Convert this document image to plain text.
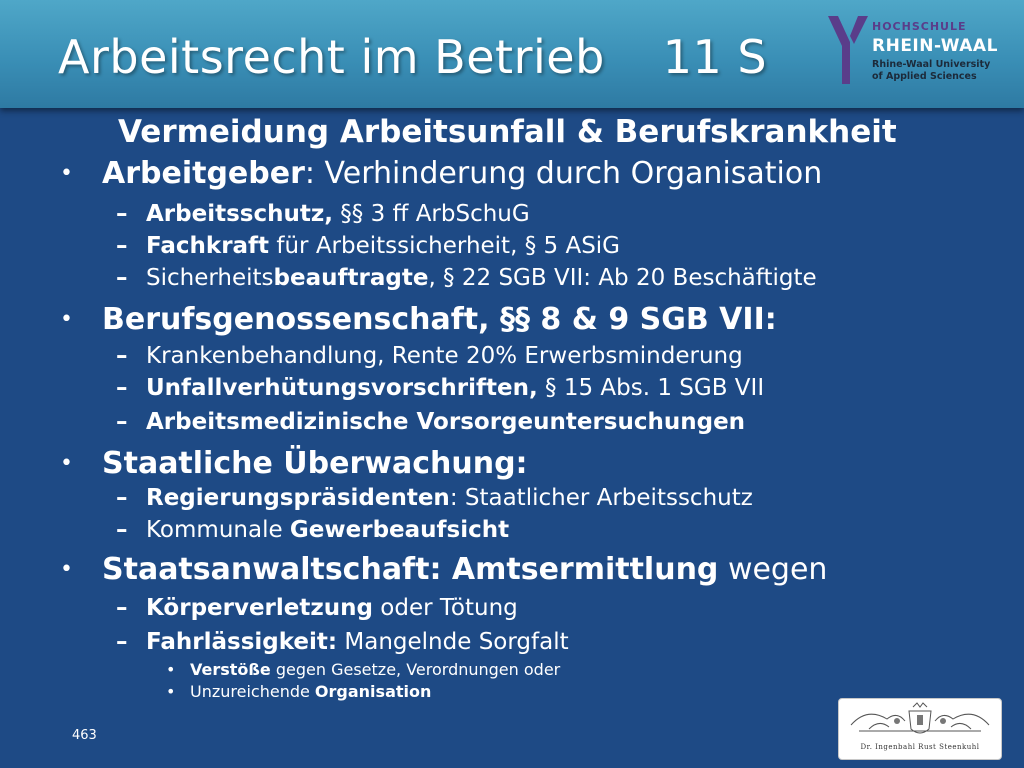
Arbeitsrecht im Betrieb 11 S
HOCHSCHULE
RHEIN-WAAL
Rhine-Waal University
of Applied Sciences
Vermeidung Arbeitsunfall & Berufskrankheit
• Arbeitgeber: Verhinderung durch Organisation
– Arbeitsschutz, §§ 3 ff ArbSchuG
– Fachkraft für Arbeitssicherheit, § 5 ASiG
– Sicherheitsbeauftragte, § 22 SGB VII: Ab 20 Beschäftigte
• Berufsgenossenschaft, §§ 8 & 9 SGB VII:
– Krankenbehandlung, Rente 20% Erwerbsminderung
– Unfallverhütungsvorschriften, § 15 Abs. 1 SGB VII
– Arbeitsmedizinische Vorsorgeuntersuchungen
• Staatliche Überwachung:
– Regierungspräsidenten: Staatlicher Arbeitsschutz
– Kommunale Gewerbeaufsicht
• Staatsanwaltschaft: Amtsermittlung wegen
– Körperverletzung oder Tötung
– Fahrlässigkeit: Mangelnde Sorgfalt
• Verstöße gegen Gesetze, Verordnungen oder
• Unzureichende Organisation
463
Dr. Ingenbahl Rust Steenkuhl
